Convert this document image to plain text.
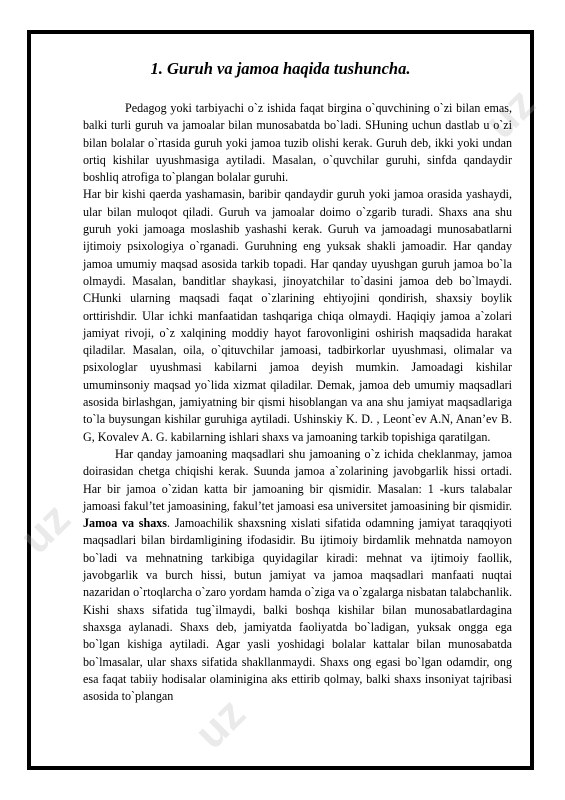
uz
uz
uz
1. Guruh va jamoa haqida tushuncha.

Pedagog yoki tarbiyachi o`z ishida faqat birgina o`quvchining o`zi bilan emas, balki turli guruh va jamoalar bilan munosabatda bo`ladi. SHuning uchun dastlab u o`zi bilan bolalar o`rtasida guruh yoki jamoa tuzib olishi kerak. Guruh deb, ikki yoki undan ortiq kishilar uyushmasiga aytiladi. Masalan, o`quvchilar guruhi, sinfda qandaydir boshliq atrofiga to`plangan bolalar guruhi.

Har bir kishi qaerda yashamasin, baribir qandaydir guruh yoki jamoa orasida yashaydi, ular bilan muloqot qiladi. Guruh va jamoalar doimo o`zgarib turadi. Shaxs ana shu guruh yoki jamoaga moslashib yashashi kerak. Guruh va jamoadagi munosabatlarni ijtimoiy psixologiya o`rganadi. Guruhning eng yuksak shakli jamoadir. Har qanday jamoa umumiy maqsad asosida tarkib topadi. Har qanday uyushgan guruh jamoa bo`la olmaydi. Masalan, banditlar shaykasi, jinoyatchilar to`dasini jamoa deb bo`lmaydi. CHunki ularning maqsadi faqat o`zlarining ehtiyojini qondirish, shaxsiy boylik orttirishdir. Ular ichki manfaatidan tashqariga chiqa olmaydi. Haqiqiy jamoa a`zolari jamiyat rivoji, o`z xalqining moddiy hayot farovonligini oshirish maqsadida harakat qiladilar. Masalan, oila, o`qituvchilar jamoasi, tadbirkorlar uyushmasi, olimalar va psixologlar uyushmasi kabilarni jamoa deyish mumkin. Jamoadagi kishilar umuminsoniy maqsad yo`lida xizmat qiladilar. Demak, jamoa deb umumiy maqsadlari asosida birlashgan, jamiyatning bir qismi hisoblangan va ana shu jamiyat maqsadlariga to`la buysungan kishilar guruhiga aytiladi. Ushinskiy K. D. , Leont`ev A.N, Anan’ev B. G, Kovalev A. G. kabilarning ishlari shaxs va jamoaning tarkib topishiga qaratilgan.

Har qanday jamoaning maqsadlari shu jamoaning o`z ichida cheklanmay, jamoa doirasidan chetga chiqishi kerak. Suunda jamoa a`zolarining javobgarlik hissi ortadi. Har bir jamoa o`zidan katta bir jamoaning bir qismidir. Masalan: 1 -kurs talabalar jamoasi fakul’tet jamoasining, fakul’tet jamoasi esa universitet jamoasining bir qismidir. Jamoa va shaxs. Jamoachilik shaxsning xislati sifatida odamning jamiyat taraqqiyoti maqsadlari bilan birdamligining ifodasidir. Bu ijtimoiy birdamlik mehnatda namoyon bo`ladi va mehnatning tarkibiga quyidagilar kiradi: mehnat va ijtimoiy faollik, javobgarlik va burch hissi, butun jamiyat va jamoa maqsadlari manfaati nuqtai nazaridan o`rtoqlarcha o`zaro yordam hamda o`ziga va o`zgalarga nisbatan talabchanlik. Kishi shaxs sifatida tug`ilmaydi, balki boshqa kishilar bilan munosabatlardagina shaxsga aylanadi. Shaxs deb, jamiyatda faoliyatda bo`ladigan, yuksak ongga ega bo`lgan kishiga aytiladi. Agar yasli yoshidagi bolalar kattalar bilan munosabatda bo`lmasalar, ular shaxs sifatida shakllanmaydi. Shaxs ong egasi bo`lgan odamdir, ong esa faqat tabiiy hodisalar olaminigina aks ettirib qolmay, balki shaxs insoniyat tajribasi asosida to`plangan
